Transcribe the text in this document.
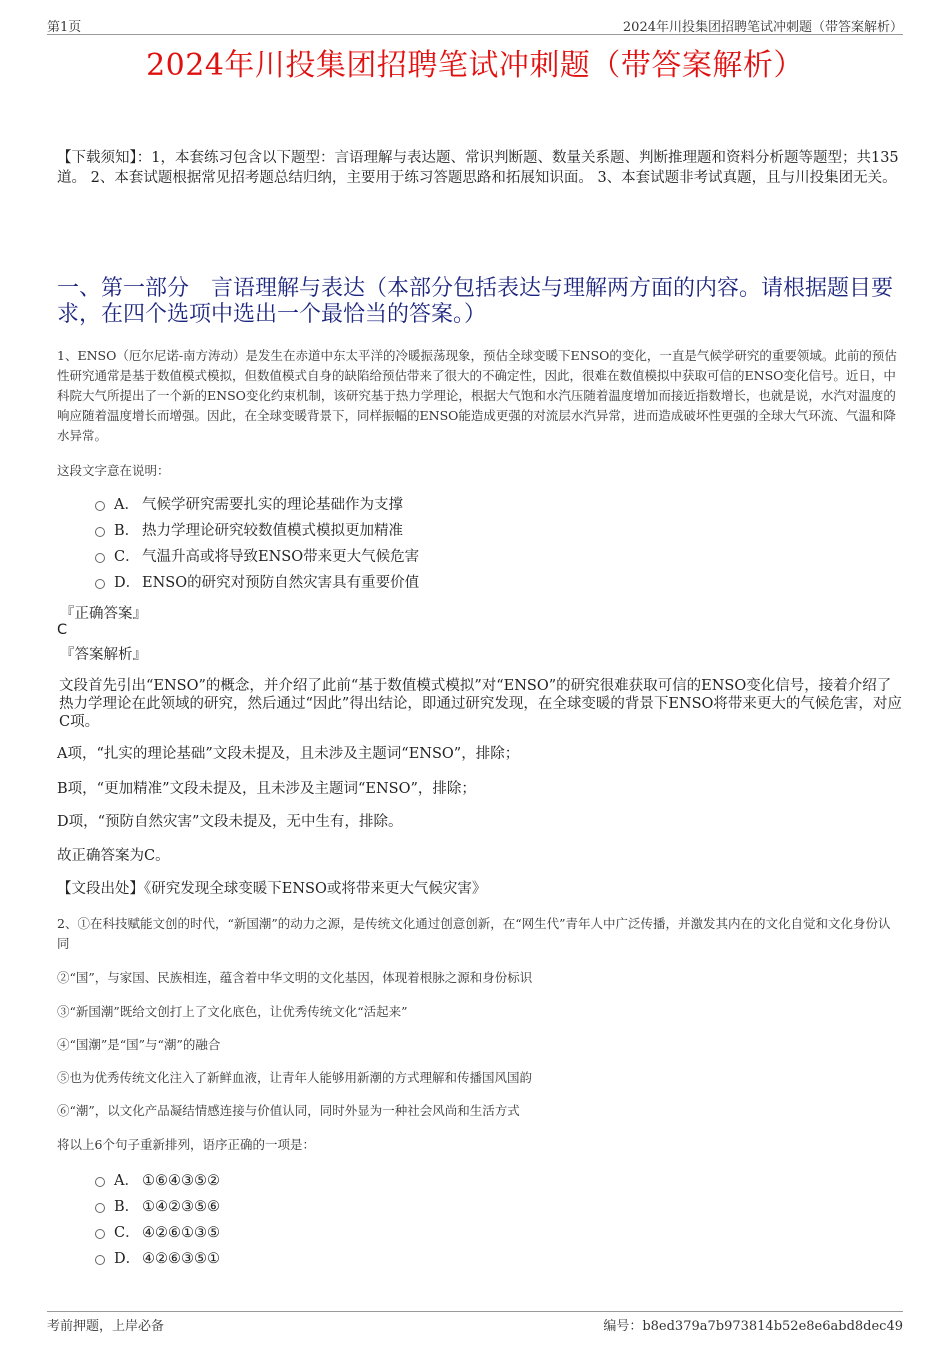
第1页	2024年川投集团招聘笔试冲刺题（带答案解析）
2024年川投集团招聘笔试冲刺题（带答案解析）
【下载须知】：1，本套练习包含以下题型：言语理解与表达题、常识判断题、数量关系题、判断推理题和资料分析题等题型；共135道。 2、本套试题根据常见招考题总结归纳，主要用于练习答题思路和拓展知识面。 3、本套试题非考试真题，且与川投集团无关。
一、第一部分　言语理解与表达（本部分包括表达与理解两方面的内容。请根据题目要求，在四个选项中选出一个最恰当的答案。）
1、ENSO（厄尔尼诺-南方涛动）是发生在赤道中东太平洋的冷暖振荡现象，预估全球变暖下ENSO的变化，一直是气候学研究的重要领域。此前的预估性研究通常是基于数值模式模拟，但数值模式自身的缺陷给预估带来了很大的不确定性，因此，很难在数值模拟中获取可信的ENSO变化信号。近日，中科院大气所提出了一个新的ENSO变化约束机制，该研究基于热力学理论，根据大气饱和水汽压随着温度增加而接近指数增长，也就是说，水汽对温度的响应随着温度增长而增强。因此，在全球变暖背景下，同样振幅的ENSO能造成更强的对流层水汽异常，进而造成破坏性更强的全球大气环流、气温和降水异常。
这段文字意在说明：
A． 气候学研究需要扎实的理论基础作为支撑
B． 热力学理论研究较数值模式模拟更加精准
C． 气温升高或将导致ENSO带来更大气候危害
D． ENSO的研究对预防自然灾害具有重要价值
『正确答案』
C
『答案解析』
文段首先引出“ENSO”的概念，并介绍了此前“基于数值模式模拟”对“ENSO”的研究很难获取可信的ENSO变化信号，接着介绍了热力学理论在此领域的研究，然后通过“因此”得出结论，即通过研究发现，在全球变暖的背景下ENSO将带来更大的气候危害，对应C项。
A项，“扎实的理论基础”文段未提及，且未涉及主题词“ENSO”，排除；
B项，“更加精准”文段未提及，且未涉及主题词“ENSO”，排除；
D项，“预防自然灾害”文段未提及，无中生有，排除。
故正确答案为C。
【文段出处】《研究发现全球变暖下ENSO或将带来更大气候灾害》
2、①在科技赋能文创的时代，“新国潮”的动力之源，是传统文化通过创意创新，在“网生代”青年人中广泛传播，并激发其内在的文化自觉和文化身份认同
②“国”，与家国、民族相连，蕴含着中华文明的文化基因，体现着根脉之源和身份标识
③“新国潮”既给文创打上了文化底色，让优秀传统文化“活起来”
④“国潮”是“国”与“潮”的融合
⑤也为优秀传统文化注入了新鲜血液，让青年人能够用新潮的方式理解和传播国风国韵
⑥“潮”，以文化产品凝结情感连接与价值认同，同时外显为一种社会风尚和生活方式
将以上6个句子重新排列，语序正确的一项是：
A． ①⑥④③⑤②
B． ①④②③⑤⑥
C． ④②⑥①③⑤
D． ④②⑥③⑤①
考前押题，上岸必备	编号：b8ed379a7b973814b52e8e6abd8dec49
